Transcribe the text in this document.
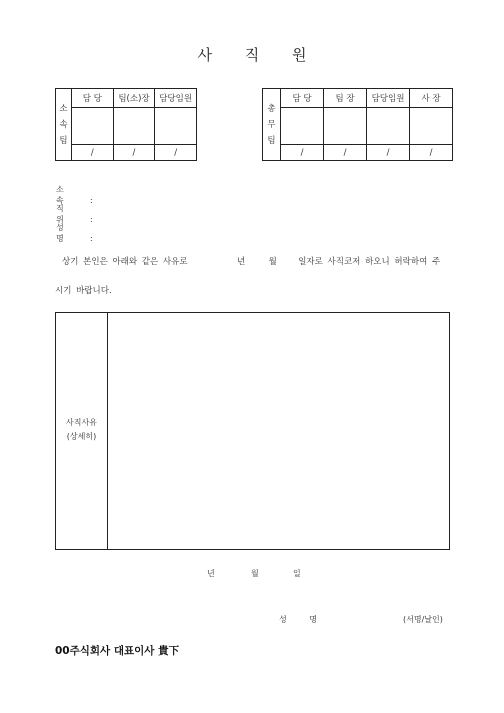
사 직 원
소
속
팀	담 당	팀(소)장	담당임원

	/	/	/
총
무
팀	담 당	팀 장	담당임원	사 장

	/	/	/	/
소 속 :
직 위 :
성 명 :
상기 본인은 아래와 같은 사유로	년	월	일자로 사직코저 하오니 허락하여 주
시기 바랍니다.
사직사유
(상세히)
년	월	일
성 명	(서명/날인)
00주식회사 대표이사 貴下
